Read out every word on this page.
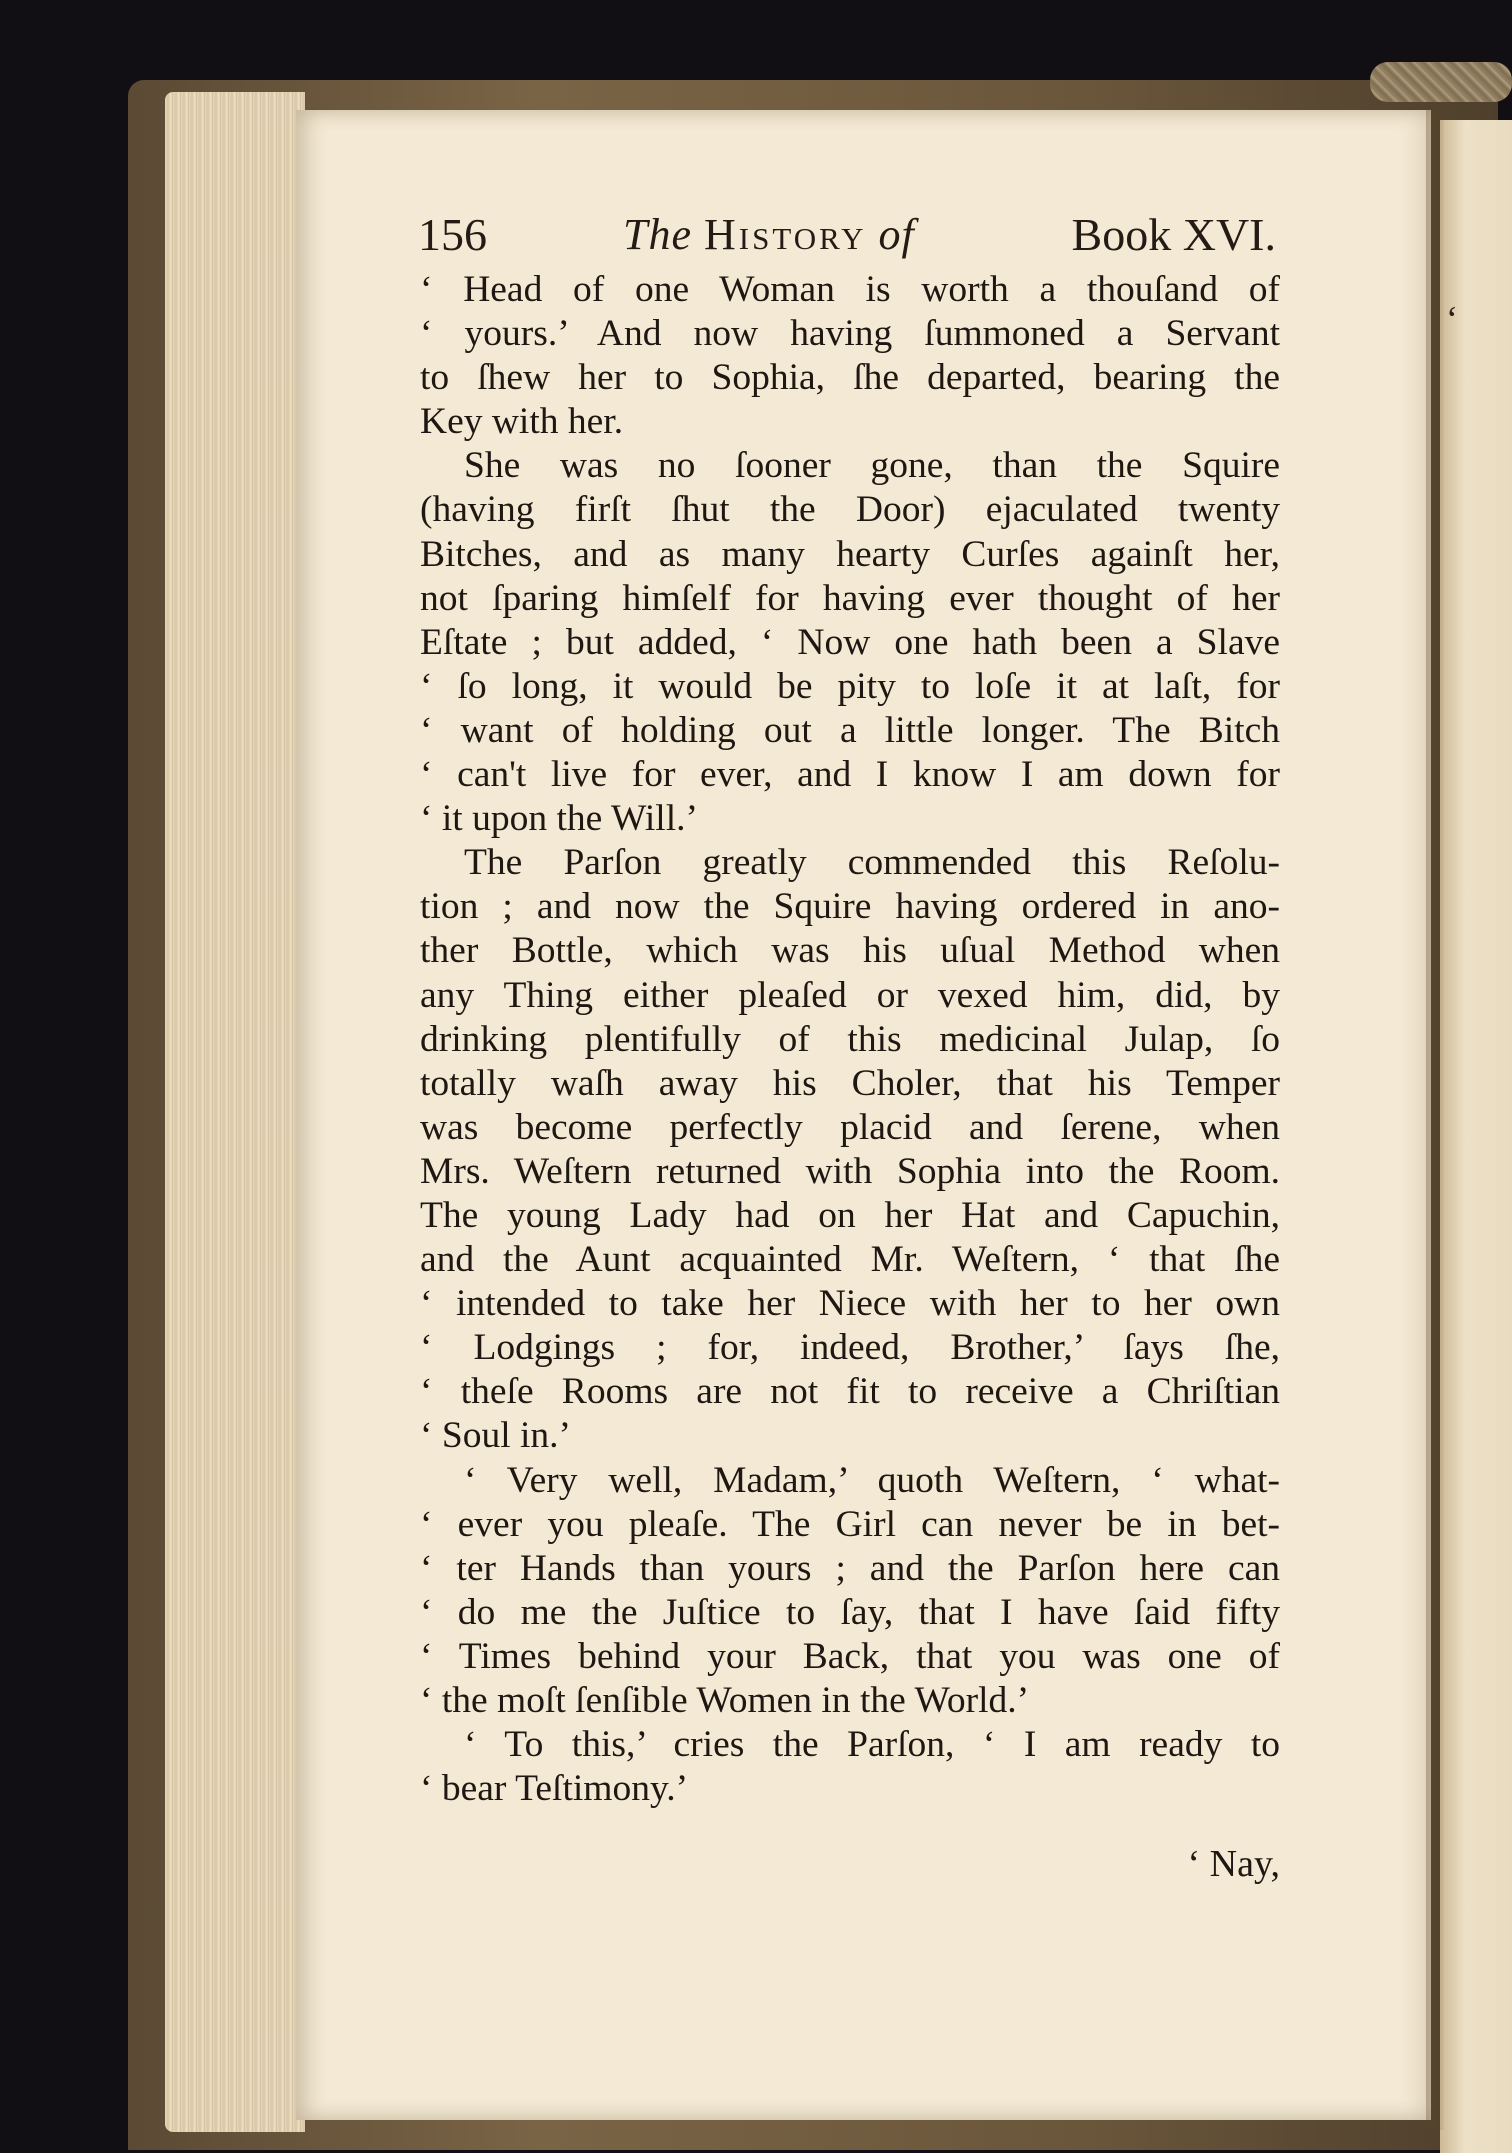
156	The History of	Book XVI.
‘ Head of one Woman is worth a thouſand of
‘ yours.’ And now having ſummoned a Servant
to ſhew her to Sophia, ſhe departed, bearing the
Key with her.
She was no ſooner gone, than the Squire
(having firſt ſhut the Door) ejaculated twenty
Bitches, and as many hearty Curſes againſt her,
not ſparing himſelf for having ever thought of her
Eſtate ; but added, ‘ Now one hath been a Slave
‘ ſo long, it would be pity to loſe it at laſt, for
‘ want of holding out a little longer. The Bitch
‘ can't live for ever, and I know I am down for
‘ it upon the Will.’
The Parſon greatly commended this Reſolu-
tion ; and now the Squire having ordered in ano-
ther Bottle, which was his uſual Method when
any Thing either pleaſed or vexed him, did, by
drinking plentifully of this medicinal Julap, ſo
totally waſh away his Choler, that his Temper
was become perfectly placid and ſerene, when
Mrs. Weſtern returned with Sophia into the Room.
The young Lady had on her Hat and Capuchin,
and the Aunt acquainted Mr. Weſtern, ‘ that ſhe
‘ intended to take her Niece with her to her own
‘ Lodgings ; for, indeed, Brother,’ ſays ſhe,
‘ theſe Rooms are not fit to receive a Chriſtian
‘ Soul in.’
‘ Very well, Madam,’ quoth Weſtern, ‘ what-
‘ ever you pleaſe. The Girl can never be in bet-
‘ ter Hands than yours ; and the Parſon here can
‘ do me the Juſtice to ſay, that I have ſaid fifty
‘ Times behind your Back, that you was one of
‘ the moſt ſenſible Women in the World.’
‘ To this,’ cries the Parſon, ‘ I am ready to
‘ bear Teſtimony.’
‘ Nay,
‘
